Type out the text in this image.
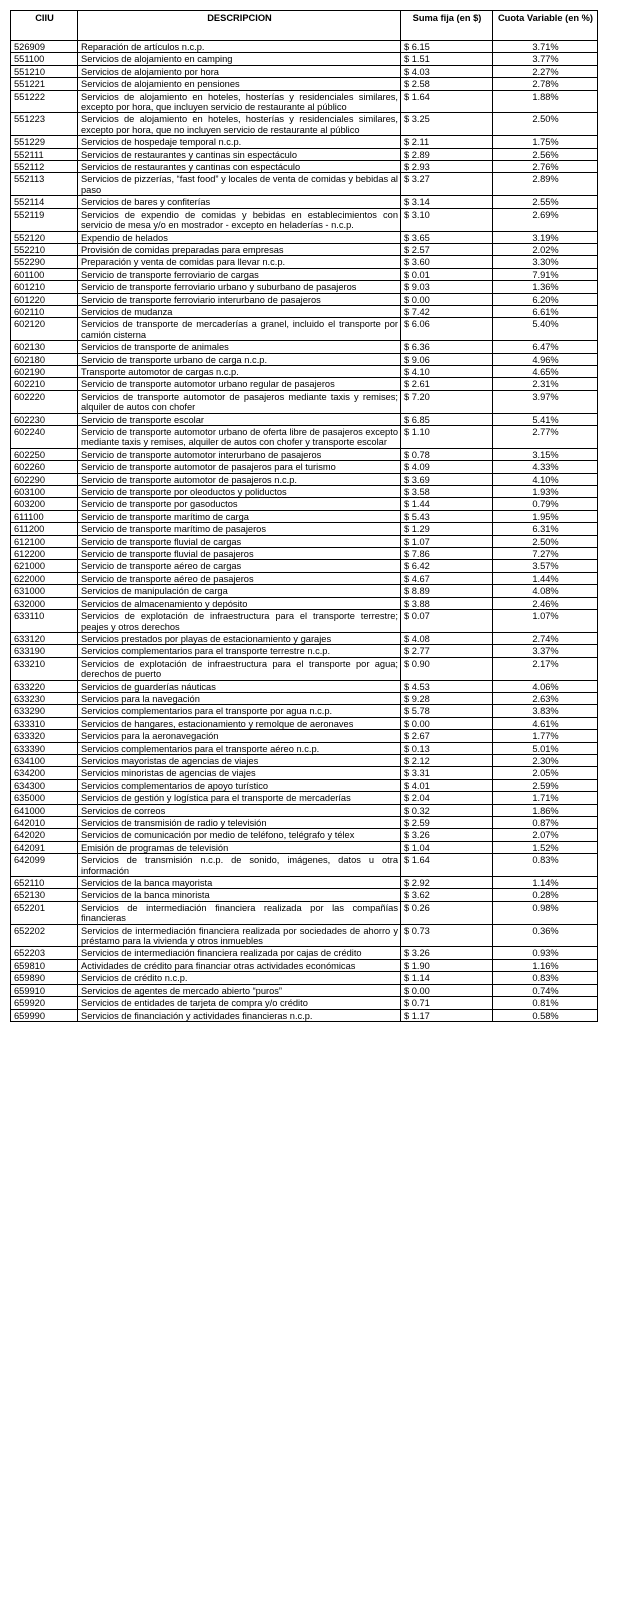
CIIU	DESCRIPCION	Suma fija (en $)	Cuota Variable (en %)
526909	Reparación de artículos n.c.p.	$ 6.15	3.71%
551100	Servicios de alojamiento en camping	$ 1.51	3.77%
551210	Servicios de alojamiento por hora	$ 4.03	2.27%
551221	Servicios de alojamiento en pensiones	$ 2.58	2.78%
551222	Servicios de alojamiento en hoteles, hosterías y residenciales similares, excepto por hora, que incluyen servicio de restaurante al público	$ 1.64	1.88%
551223	Servicios de alojamiento en hoteles, hosterías y residenciales similares, excepto por hora, que no incluyen servicio de restaurante al público	$ 3.25	2.50%
551229	Servicios de hospedaje temporal n.c.p.	$ 2.11	1.75%
552111	Servicios de restaurantes y cantinas sin espectáculo	$ 2.89	2.56%
552112	Servicios de restaurantes y cantinas con espectáculo	$ 2.93	2.76%
552113	Servicios de pizzerías, “fast food” y locales de venta de comidas y bebidas al paso	$ 3.27	2.89%
552114	Servicios de bares y confiterías	$ 3.14	2.55%
552119	Servicios de expendio de comidas y bebidas en establecimientos con servicio de mesa y/o en mostrador - excepto en heladerías - n.c.p.	$ 3.10	2.69%
552120	Expendio de helados	$ 3.65	3.19%
552210	Provisión de comidas preparadas para empresas	$ 2.57	2.02%
552290	Preparación y venta de comidas para llevar n.c.p.	$ 3.60	3.30%
601100	Servicio de transporte ferroviario de cargas	$ 0.01	7.91%
601210	Servicio de transporte ferroviario urbano y suburbano de pasajeros	$ 9.03	1.36%
601220	Servicio de transporte ferroviario interurbano de pasajeros	$ 0.00	6.20%
602110	Servicios de mudanza	$ 7.42	6.61%
602120	Servicios de transporte de mercaderías a granel, incluido el transporte por camión cisterna	$ 6.06	5.40%
602130	Servicios de transporte de animales	$ 6.36	6.47%
602180	Servicio de transporte urbano de carga n.c.p.	$ 9.06	4.96%
602190	Transporte automotor de cargas n.c.p.	$ 4.10	4.65%
602210	Servicio de transporte automotor urbano regular de pasajeros	$ 2.61	2.31%
602220	Servicios de transporte automotor de pasajeros mediante taxis y remises; alquiler de autos con chofer	$ 7.20	3.97%
602230	Servicio de transporte escolar	$ 6.85	5.41%
602240	Servicio de transporte automotor urbano de oferta libre de pasajeros excepto mediante taxis y remises, alquiler de autos con chofer y transporte escolar	$ 1.10	2.77%
602250	Servicio de transporte automotor interurbano de pasajeros	$ 0.78	3.15%
602260	Servicio de transporte automotor de pasajeros para el turismo	$ 4.09	4.33%
602290	Servicio de transporte automotor de pasajeros n.c.p.	$ 3.69	4.10%
603100	Servicio de transporte por oleoductos y poliductos	$ 3.58	1.93%
603200	Servicio de transporte por gasoductos	$ 1.44	0.79%
611100	Servicio de transporte marítimo de carga	$ 5.43	1.95%
611200	Servicio de transporte marítimo de pasajeros	$ 1.29	6.31%
612100	Servicio de transporte fluvial de cargas	$ 1.07	2.50%
612200	Servicio de transporte fluvial de pasajeros	$ 7.86	7.27%
621000	Servicio de transporte aéreo de cargas	$ 6.42	3.57%
622000	Servicio de transporte aéreo de pasajeros	$ 4.67	1.44%
631000	Servicios de manipulación de carga	$ 8.89	4.08%
632000	Servicios de almacenamiento y depósito	$ 3.88	2.46%
633110	Servicios de explotación de infraestructura para el transporte terrestre; peajes y otros derechos	$ 0.07	1.07%
633120	Servicios prestados por playas de estacionamiento y garajes	$ 4.08	2.74%
633190	Servicios complementarios para el transporte terrestre n.c.p.	$ 2.77	3.37%
633210	Servicios de explotación de infraestructura para el transporte por agua; derechos de puerto	$ 0.90	2.17%
633220	Servicios de guarderías náuticas	$ 4.53	4.06%
633230	Servicios para la navegación	$ 9.28	2.63%
633290	Servicios complementarios para el transporte por agua n.c.p.	$ 5.78	3.83%
633310	Servicios de hangares, estacionamiento y remolque de aeronaves	$ 0.00	4.61%
633320	Servicios para la aeronavegación	$ 2.67	1.77%
633390	Servicios complementarios para el transporte aéreo n.c.p.	$ 0.13	5.01%
634100	Servicios mayoristas de agencias de viajes	$ 2.12	2.30%
634200	Servicios minoristas de agencias de viajes	$ 3.31	2.05%
634300	Servicios complementarios de apoyo turístico	$ 4.01	2.59%
635000	Servicios de gestión y logística para el transporte de mercaderías	$ 2.04	1.71%
641000	Servicios de correos	$ 0.32	1.86%
642010	Servicios de transmisión de radio y televisión	$ 2.59	0.87%
642020	Servicios de comunicación por medio de teléfono, telégrafo y télex	$ 3.26	2.07%
642091	Emisión de programas de televisión	$ 1.04	1.52%
642099	Servicios de transmisión n.c.p. de sonido, imágenes, datos u otra información	$ 1.64	0.83%
652110	Servicios de la banca mayorista	$ 2.92	1.14%
652130	Servicios de la banca minorista	$ 3.62	0.28%
652201	Servicios de intermediación financiera realizada por las compañías financieras	$ 0.26	0.98%
652202	Servicios de intermediación financiera realizada por sociedades de ahorro y préstamo para la vivienda y otros inmuebles	$ 0.73	0.36%
652203	Servicios de intermediación financiera realizada por cajas de crédito	$ 3.26	0.93%
659810	Actividades de crédito para financiar otras actividades económicas	$ 1.90	1.16%
659890	Servicios de crédito n.c.p.	$ 1.14	0.83%
659910	Servicios de agentes de mercado abierto “puros”	$ 0.00	0.74%
659920	Servicios de entidades de tarjeta de compra y/o crédito	$ 0.71	0.81%
659990	Servicios de financiación y actividades financieras n.c.p.	$ 1.17	0.58%
